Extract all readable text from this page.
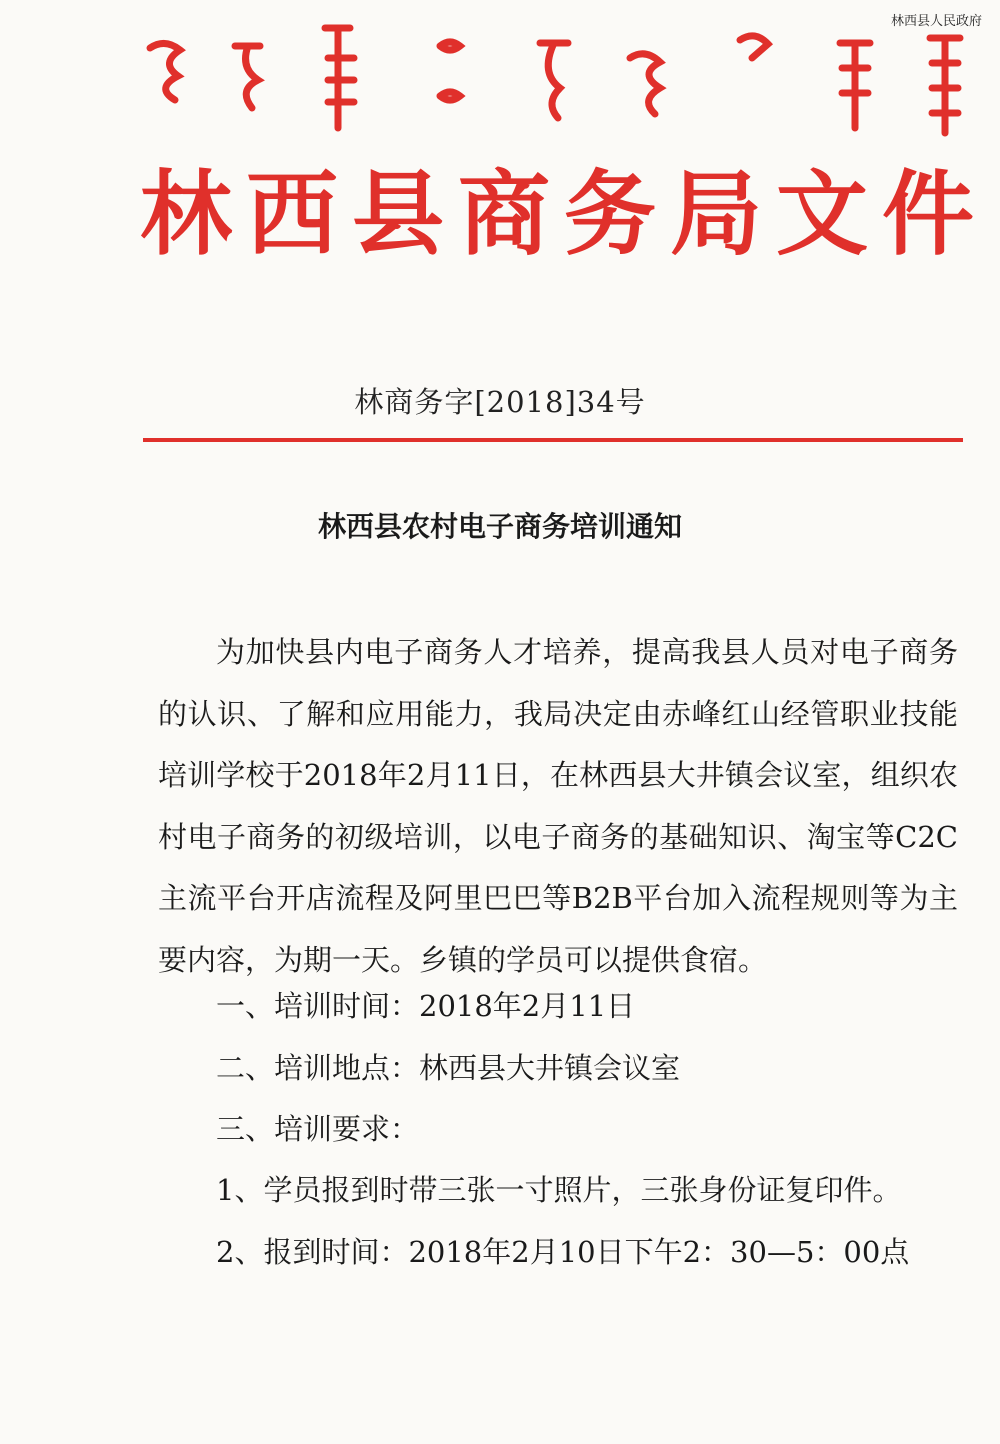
林西县人民政府
林西县商务局文件
林商务字[2018]34号
林西县农村电子商务培训通知

为加快县内电子商务人才培养，提高我县人员对电子商务的认识、了解和应用能力，我局决定由赤峰红山经管职业技能培训学校于2018年2月11日，在林西县大井镇会议室，组织农村电子商务的初级培训，以电子商务的基础知识、淘宝等C2C主流平台开店流程及阿里巴巴等B2B平台加入流程规则等为主要内容，为期一天。乡镇的学员可以提供食宿。

一、培训时间：2018年2月11日

二、培训地点：林西县大井镇会议室

三、培训要求：

1、学员报到时带三张一寸照片，三张身份证复印件。

2、报到时间：2018年2月10日下午2：30—5：00点
